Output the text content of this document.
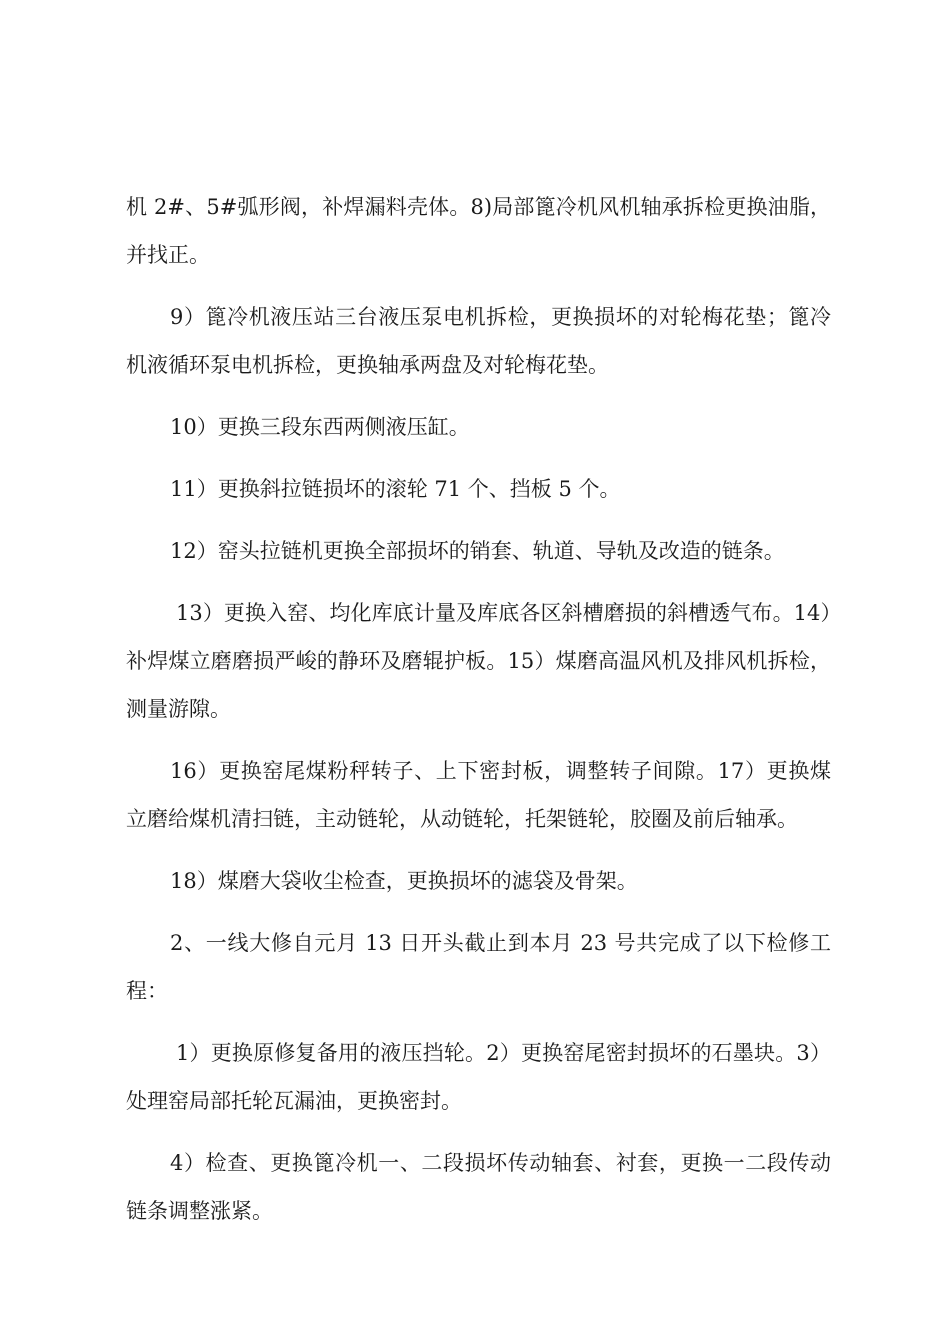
机 2#、5#弧形阀，补焊漏料壳体。8)局部篦冷机风机轴承拆检更换油脂，并找正。

9）篦冷机液压站三台液压泵电机拆检，更换损坏的对轮梅花垫；篦冷机液循环泵电机拆检，更换轴承两盘及对轮梅花垫。

10）更换三段东西两侧液压缸。

11）更换斜拉链损坏的滚轮 71 个、挡板 5 个。

12）窑头拉链机更换全部损坏的销套、轨道、导轨及改造的链条。

13）更换入窑、均化库底计量及库底各区斜槽磨损的斜槽透气布。14）补焊煤立磨磨损严峻的静环及磨辊护板。15）煤磨高温风机及排风机拆检，测量游隙。

16）更换窑尾煤粉秤转子、上下密封板，调整转子间隙。17）更换煤立磨给煤机清扫链，主动链轮，从动链轮，托架链轮，胶圈及前后轴承。

18）煤磨大袋收尘检查，更换损坏的滤袋及骨架。

2、一线大修自元月 13 日开头截止到本月 23 号共完成了以下检修工程：

1）更换原修复备用的液压挡轮。2）更换窑尾密封损坏的石墨块。3）处理窑局部托轮瓦漏油，更换密封。

4）检查、更换篦冷机一、二段损坏传动轴套、衬套，更换一二段传动链条调整涨紧。
